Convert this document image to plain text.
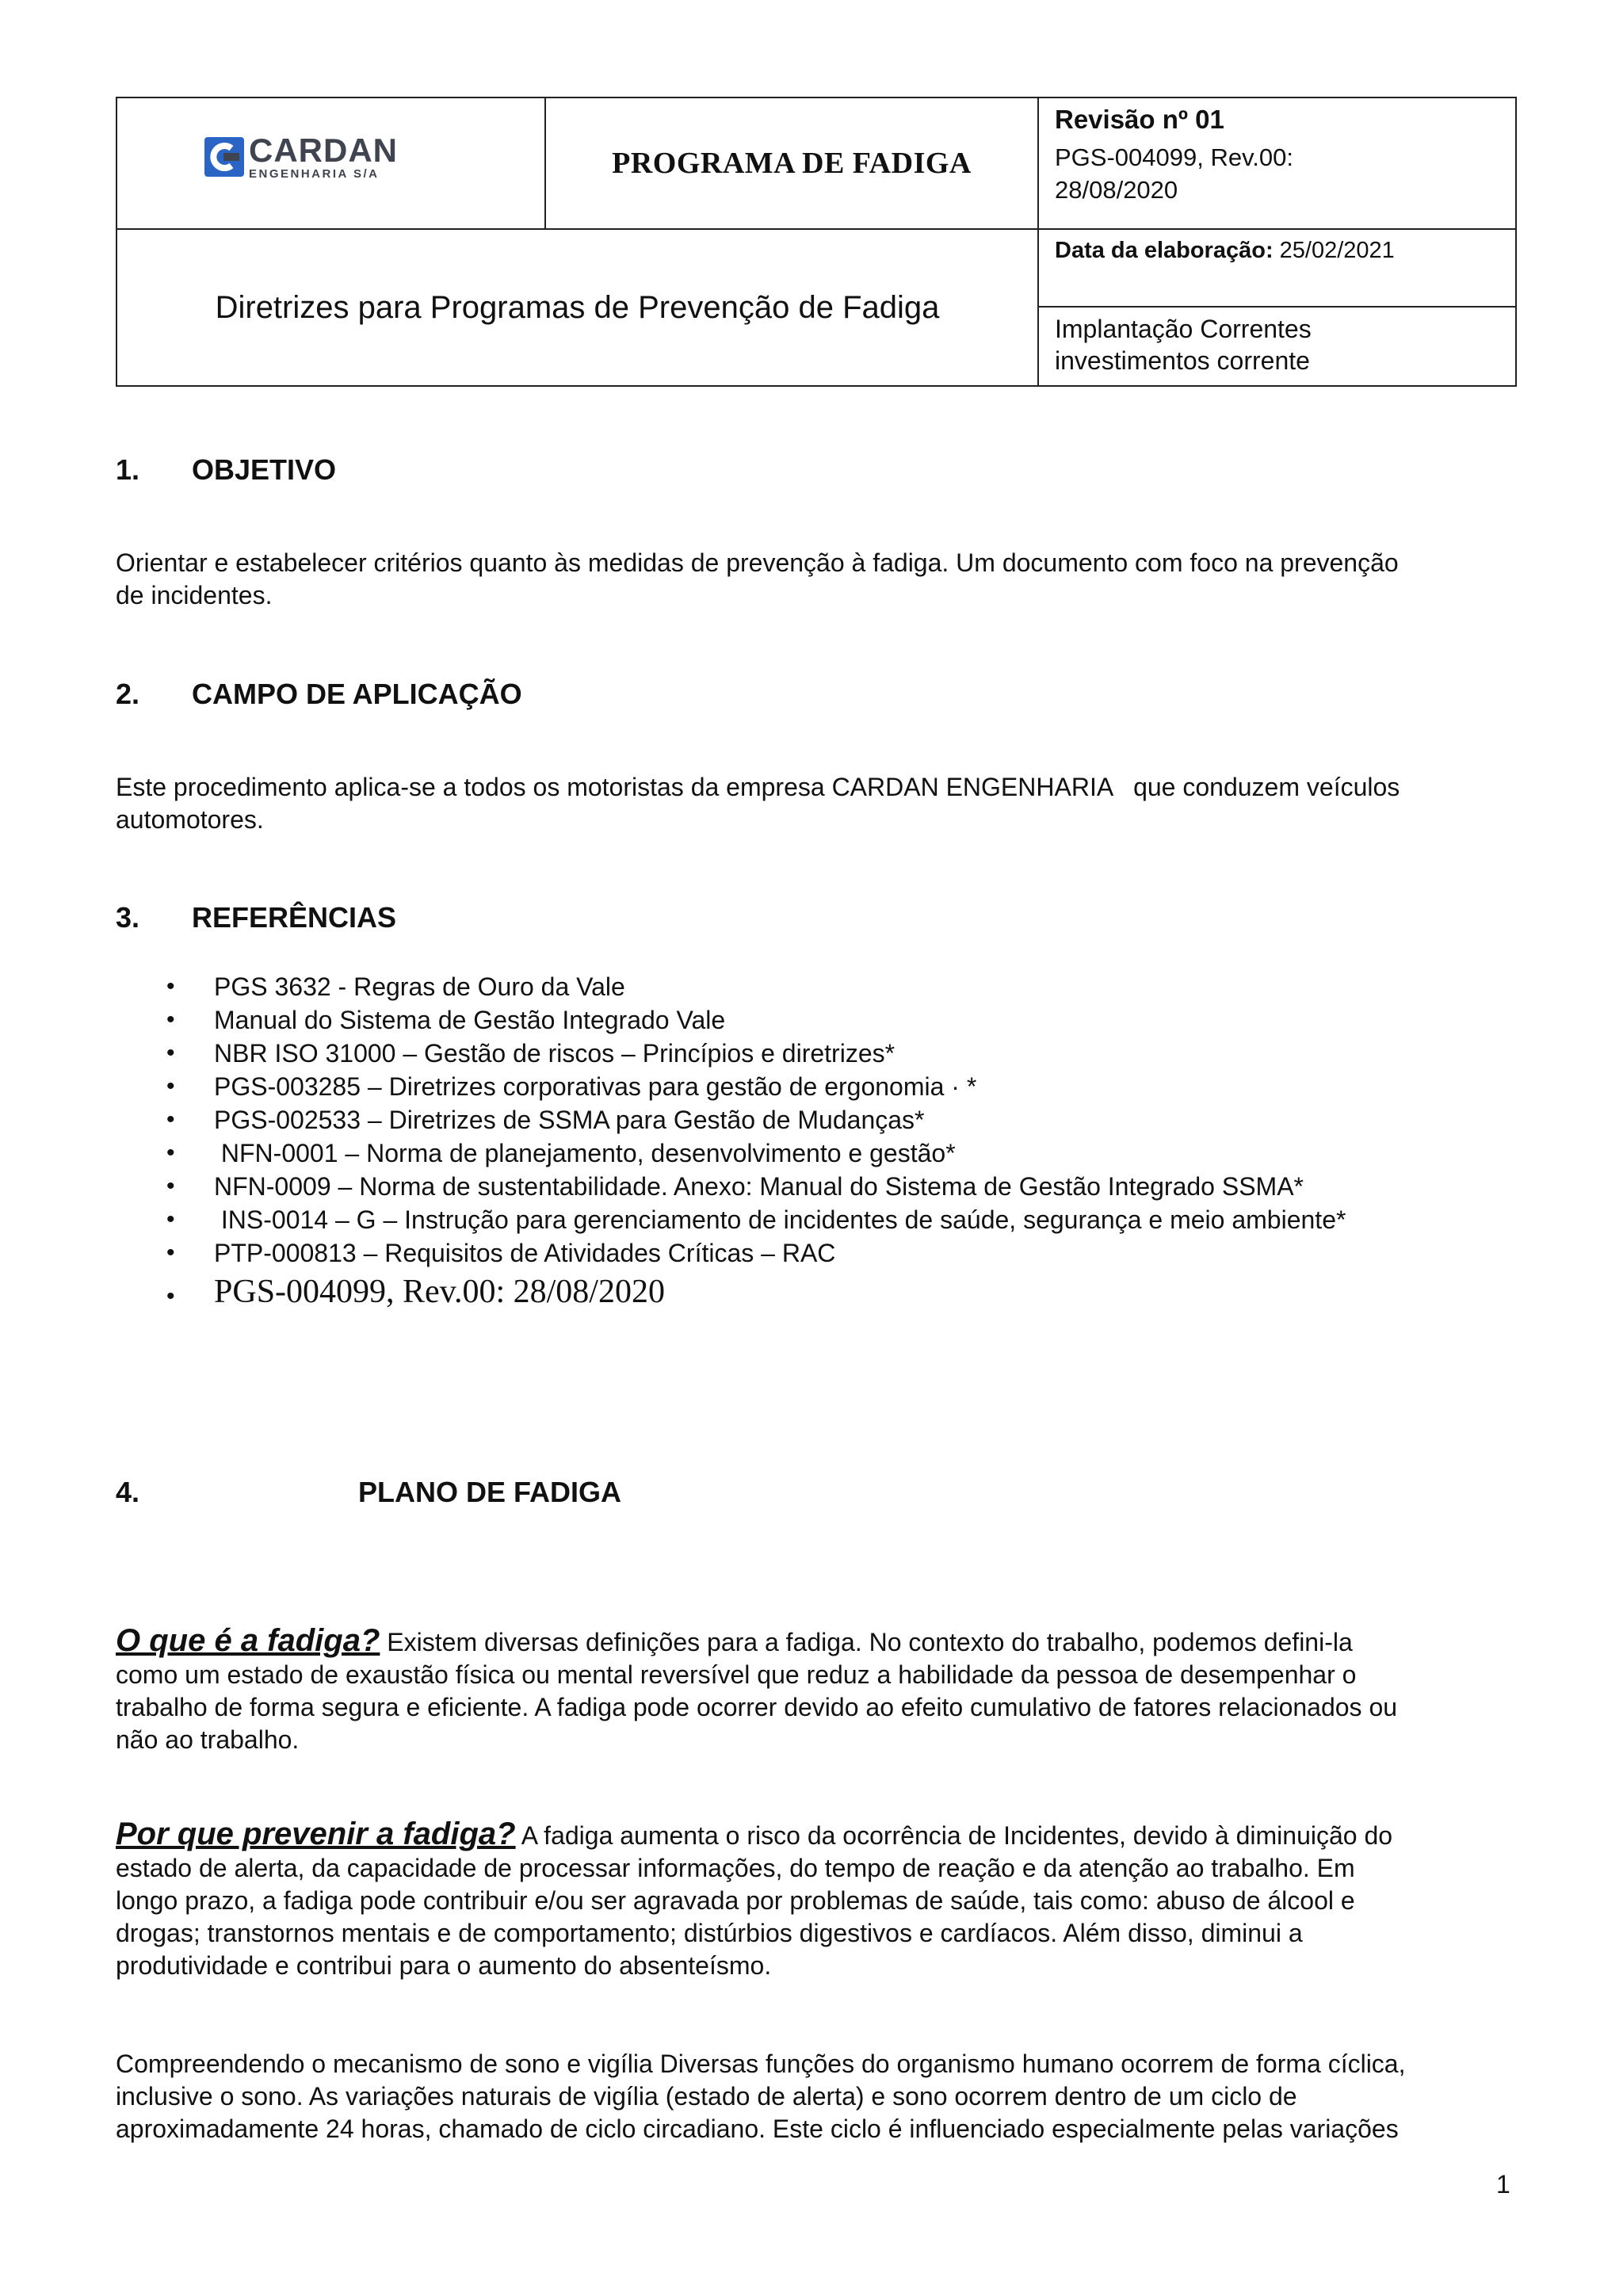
CARDAN
ENGENHARIA S/A	PROGRAMA DE FADIGA
Revisão nº 01
PGS-004099, Rev.00:
28/08/2020
Diretrizes para Programas de Prevenção de Fadiga
Data da elaboração: 25/02/2021
Implantação Correntes
investimentos corrente
1. OBJETIVO
Orientar e estabelecer critérios quanto às medidas de prevenção à fadiga. Um documento com foco na prevenção
de incidentes.
2. CAMPO DE APLICAÇÃO
Este procedimento aplica-se a todos os motoristas da empresa CARDAN ENGENHARIA   que conduzem veículos
automotores.
3. REFERÊNCIAS
• PGS 3632 - Regras de Ouro da Vale
• Manual do Sistema de Gestão Integrado Vale
• NBR ISO 31000 – Gestão de riscos – Princípios e diretrizes*
• PGS-003285 – Diretrizes corporativas para gestão de ergonomia · *
• PGS-002533 – Diretrizes de SSMA para Gestão de Mudanças*
• NFN-0001 – Norma de planejamento, desenvolvimento e gestão*
• NFN-0009 – Norma de sustentabilidade. Anexo: Manual do Sistema de Gestão Integrado SSMA*
• INS-0014 – G – Instrução para gerenciamento de incidentes de saúde, segurança e meio ambiente*
• PTP-000813 – Requisitos de Atividades Críticas – RAC
• PGS-004099, Rev.00: 28/08/2020
4.	PLANO DE FADIGA
O que é a fadiga? Existem diversas definições para a fadiga. No contexto do trabalho, podemos defini-la
como um estado de exaustão física ou mental reversível que reduz a habilidade da pessoa de desempenhar o
trabalho de forma segura e eficiente. A fadiga pode ocorrer devido ao efeito cumulativo de fatores relacionados ou
não ao trabalho.
Por que prevenir a fadiga? A fadiga aumenta o risco da ocorrência de Incidentes, devido à diminuição do
estado de alerta, da capacidade de processar informações, do tempo de reação e da atenção ao trabalho. Em
longo prazo, a fadiga pode contribuir e/ou ser agravada por problemas de saúde, tais como: abuso de álcool e
drogas; transtornos mentais e de comportamento; distúrbios digestivos e cardíacos. Além disso, diminui a
produtividade e contribui para o aumento do absenteísmo.
Compreendendo o mecanismo de sono e vigília Diversas funções do organismo humano ocorrem de forma cíclica,
inclusive o sono. As variações naturais de vigília (estado de alerta) e sono ocorrem dentro de um ciclo de
aproximadamente 24 horas, chamado de ciclo circadiano. Este ciclo é influenciado especialmente pelas variações
1
